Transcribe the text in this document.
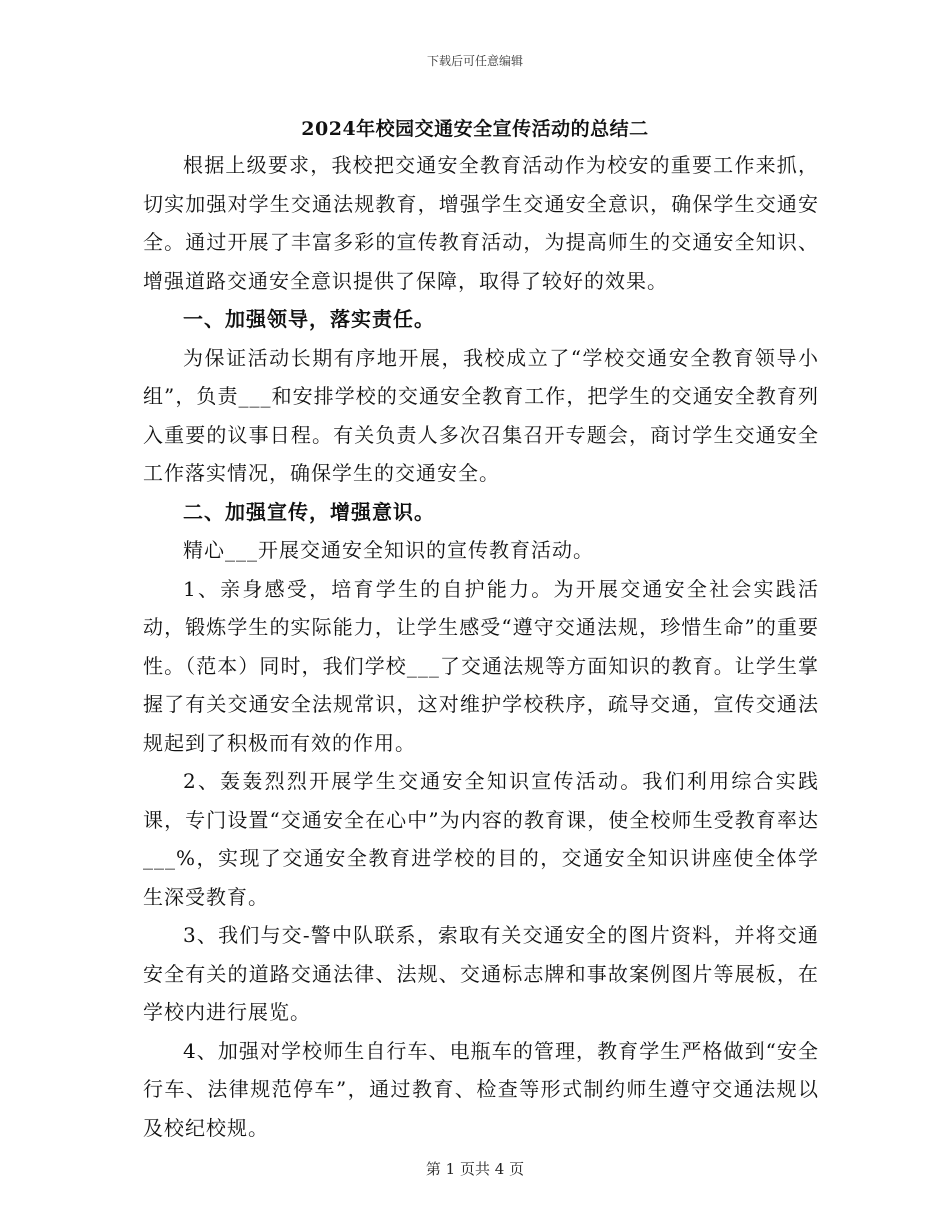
下载后可任意编辑
2024年校园交通安全宣传活动的总结二

根据上级要求，我校把交通安全教育活动作为校安的重要工作来抓，切实加强对学生交通法规教育，增强学生交通安全意识，确保学生交通安全。通过开展了丰富多彩的宣传教育活动，为提高师生的交通安全知识、增强道路交通安全意识提供了保障，取得了较好的效果。

一、加强领导，落实责任。

为保证活动长期有序地开展，我校成立了“学校交通安全教育领导小组”，负责___和安排学校的交通安全教育工作，把学生的交通安全教育列入重要的议事日程。有关负责人多次召集召开专题会，商讨学生交通安全工作落实情况，确保学生的交通安全。

二、加强宣传，增强意识。

精心___开展交通安全知识的宣传教育活动。

1、亲身感受，培育学生的自护能力。为开展交通安全社会实践活动，锻炼学生的实际能力，让学生感受“遵守交通法规，珍惜生命”的重要性。（范本）同时，我们学校___了交通法规等方面知识的教育。让学生掌握了有关交通安全法规常识，这对维护学校秩序，疏导交通，宣传交通法规起到了积极而有效的作用。

2、轰轰烈烈开展学生交通安全知识宣传活动。我们利用综合实践课，专门设置“交通安全在心中”为内容的教育课，使全校师生受教育率达___%，实现了交通安全教育进学校的目的，交通安全知识讲座使全体学生深受教育。

3、我们与交-警中队联系，索取有关交通安全的图片资料，并将交通安全有关的道路交通法律、法规、交通标志牌和事故案例图片等展板，在学校内进行展览。

4、加强对学校师生自行车、电瓶车的管理，教育学生严格做到“安全行车、法律规范停车”，通过教育、检查等形式制约师生遵守交通法规以及校纪校规。

第 1 页共 4 页
